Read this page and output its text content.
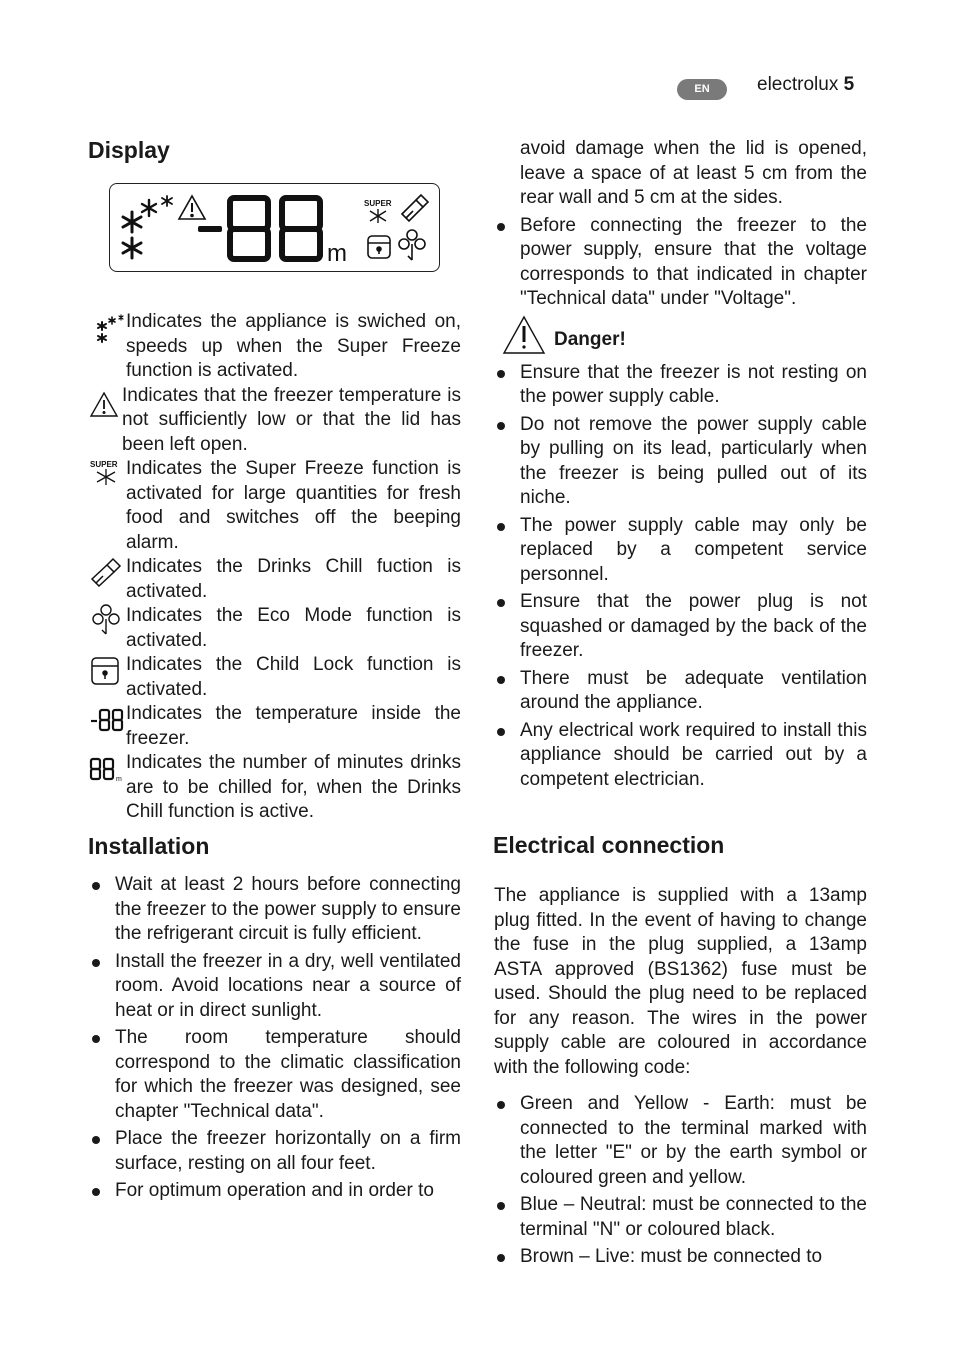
EN	electrolux 5
Display
m
SUPER
Indicates the appliance is swiched on, speeds up when the Super Freeze function is activated.
Indicates that the freezer temperature is not sufficiently low or that the lid has been left open.
SUPER Indicates the Super Freeze function is activated for large quantities for fresh food and switches off the beeping alarm.
Indicates the Drinks Chill fuction is activated.
Indicates the Eco Mode function is activated.
Indicates the Child Lock function is activated.
Indicates the temperature inside the freezer.
m
Indicates the number of minutes drinks are to be chilled for, when the Drinks Chill function is active.
Installation
Wait at least 2 hours before connecting the freezer to the power supply to ensure the refrigerant circuit is fully efficient.
Install the freezer in a dry, well ventilated room. Avoid locations near a source of heat or in direct sunlight.
The room temperature should correspond to the climatic classification for which the freezer was designed, see chapter "Technical data".
Place the freezer horizontally on a firm surface, resting on all four feet.
For optimum operation and in order to
avoid damage when the lid is opened, leave a space of at least 5 cm from the rear wall and 5 cm at the sides.
Before connecting the freezer to the power supply, ensure that the voltage corresponds to that indicated in chapter "Technical data" under "Voltage".
Danger!
Ensure that the freezer is not resting on the power supply cable.
Do not remove the power supply cable by pulling on its lead, particularly when the freezer is being pulled out of its niche.
The power supply cable may only be replaced by a competent service personnel.
Ensure that the power plug is not squashed or damaged by the back of the freezer.
There must be adequate ventilation around the appliance.
Any electrical work required to install this appliance should be carried out by a competent electrician.
Electrical connection
The appliance is supplied with a 13amp plug fitted. In the event of having to change the fuse in the plug supplied, a 13amp ASTA approved (BS1362) fuse must be used. Should the plug need to be replaced for any reason. The wires in the power supply cable are coloured in accordance with the following code:
Green and Yellow - Earth: must be connected to the terminal marked with the letter "E" or by the earth symbol or coloured green and yellow.
Blue – Neutral: must be connected to the terminal "N" or coloured black.
Brown – Live: must be connected to
